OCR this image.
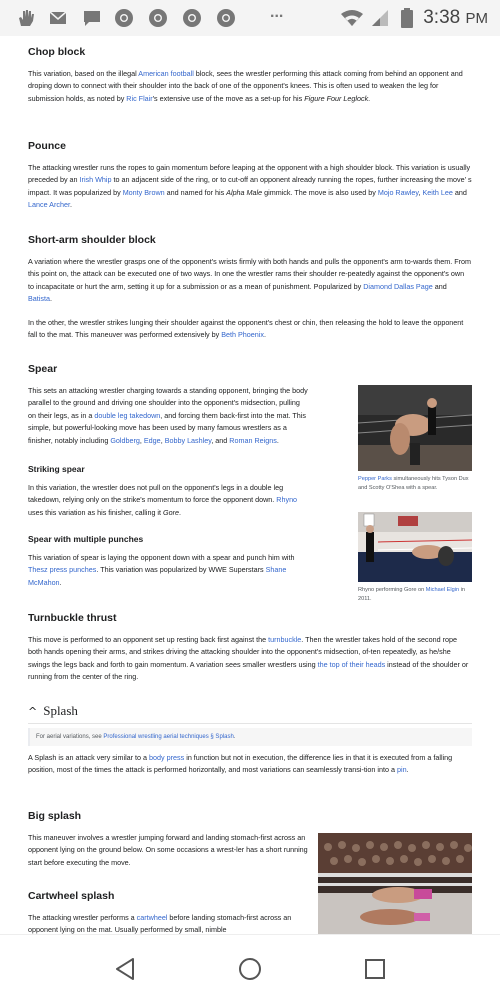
...	3:38 PM
Chop block
This variation, based on the illegal American football block, sees the wrestler performing this attack coming from behind an opponent and droping down to connect with their shoulder into the back of one of the opponent's knees. This is often used to weaken the leg for submission holds, as noted by Ric Flair's extensive use of the move as a set-up for his Figure Four Leglock.
Pounce
The attacking wrestler runs the ropes to gain momentum before leaping at the opponent with a high shoulder block. This variation is usually preceded by an Irish Whip to an adjacent side of the ring, or to cut-off an opponent already running the ropes, further increasing the move' s impact. It was popularized by Monty Brown and named for his Alpha Male gimmick. The move is also used by Mojo Rawley, Keith Lee and Lance Archer.
Short-arm shoulder block
A variation where the wrestler grasps one of the opponent's wrists firmly with both hands and pulls the opponent's arm to-wards them. From this point on, the attack can be executed one of two ways. In one the wrestler rams their shoulder re-peatedly against the opponent's own to incapacitate or hurt the arm, setting it up for a submission or as a mean of punishment. Popularized by Diamond Dallas Page and Batista.
In the other, the wrestler strikes lunging their shoulder against the opponent's chest or chin, then releasing the hold to leave the opponent fall to the mat. This maneuver was performed extensively by Beth Phoenix.
Spear
This sets an attacking wrestler charging towards a standing opponent, bringing the body parallel to the ground and driving one shoulder into the opponent's midsection, pulling on their legs, as in a double leg takedown, and forcing them back-first into the mat. This simple, but powerful-looking move has been used by many famous wrestlers as a finisher, notably including Goldberg, Edge, Bobby Lashley, and Roman Reigns.
Pepper Parks simultaneously hits Tyson Dux and Scotty O'Shea with a spear.
Striking spear
In this variation, the wrestler does not pull on the opponent's legs in a double leg takedown, relying only on the strike's momentum to force the opponent down. Rhyno uses this variation as his finisher, calling it Gore.
Rhyno performing Gore on Michael Elgin in 2011.
Spear with multiple punches
This variation of spear is laying the opponent down with a spear and punch him with Thesz press punches. This variation was popularized by WWE Superstars Shane McMahon.
Turnbuckle thrust
This move is performed to an opponent set up resting back first against the turnbuckle. Then the wrestler takes hold of the second rope both hands opening their arms, and strikes driving the attacking shoulder into the opponent's midsection, of-ten repeatedly, as he/she swings the legs back and forth to gain momentum. A variation sees smaller wrestlers using the top of their heads instead of the shoulder or running from the center of the ring.
^ Splash
For aerial variations, see Professional wrestling aerial techniques § Splash.
A Splash is an attack very similar to a body press in function but not in execution, the difference lies in that it is executed from a falling position, most of the times the attack is performed horizontally, and most variations can seamlessly transi-tion into a pin.
Big splash
This maneuver involves a wrestler jumping forward and landing stomach-first across an opponent lying on the ground below. On some occasions a wrest-ler has a short running start before executing the move.
Cartwheel splash
The attacking wrestler performs a cartwheel before landing stomach-first across an opponent lying on the mat. Usually performed by small, nimble
